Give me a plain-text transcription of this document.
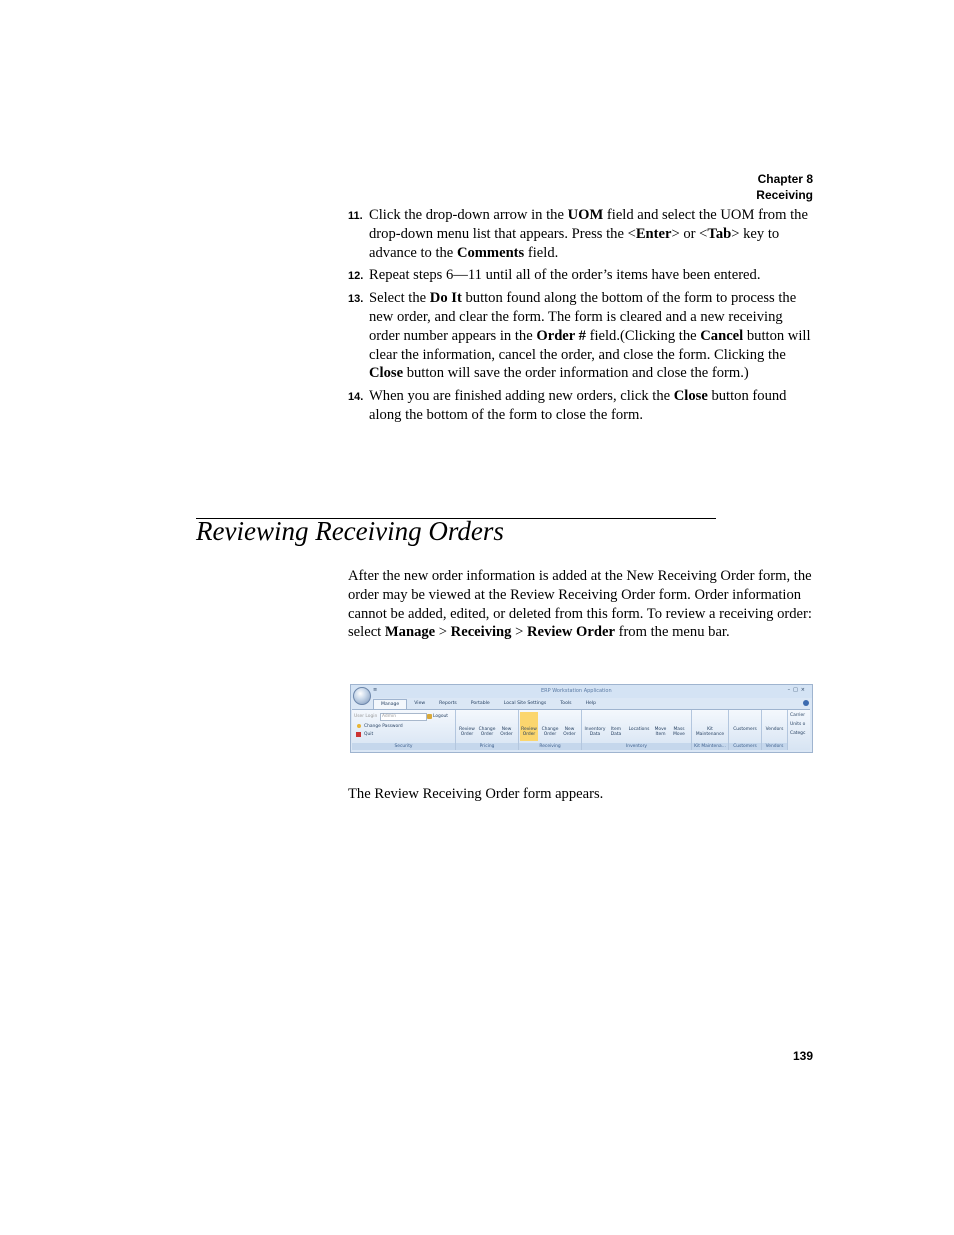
Chapter 8
Receiving
11. Click the drop-down arrow in the UOM field and select the UOM from the drop-down menu list that appears. Press the <Enter> or <Tab> key to advance to the Comments field.
12. Repeat steps 6—11 until all of the order’s items have been entered.
13. Select the Do It button found along the bottom of the form to process the new order, and clear the form. The form is cleared and a new receiving order number appears in the Order # field.(Clicking the Cancel button will clear the information, cancel the order, and close the form. Clicking the Close button will save the order information and close the form.)
14. When you are finished adding new orders, click the Close button found along the bottom of the form to close the form.
Reviewing Receiving Orders
After the new order information is added at the New Receiving Order form, the order may be viewed at the Review Receiving Order form. Order information cannot be added, edited, or deleted from this form. To review a receiving order: select Manage > Receiving > Review Order from the menu bar.
ERP Workstation Application	–□×
≡
Manage	View	Reports	Portable	Local Site Settings	Tools	Help
User Login	Admin	Logout
Change Password
Quit
Security
Review Order
Change Order
New Order
Pricing
Review Order
Change Order
New Order
Receiving
Inventory Data
Item Data
Locations	Move Item
Mass Move
Inventory
Kit Maintenance
Kit Maintena...
Customers
Customers
Vendors
Vendors
Carrier
Units o
Categc
The Review Receiving Order form appears.
139
